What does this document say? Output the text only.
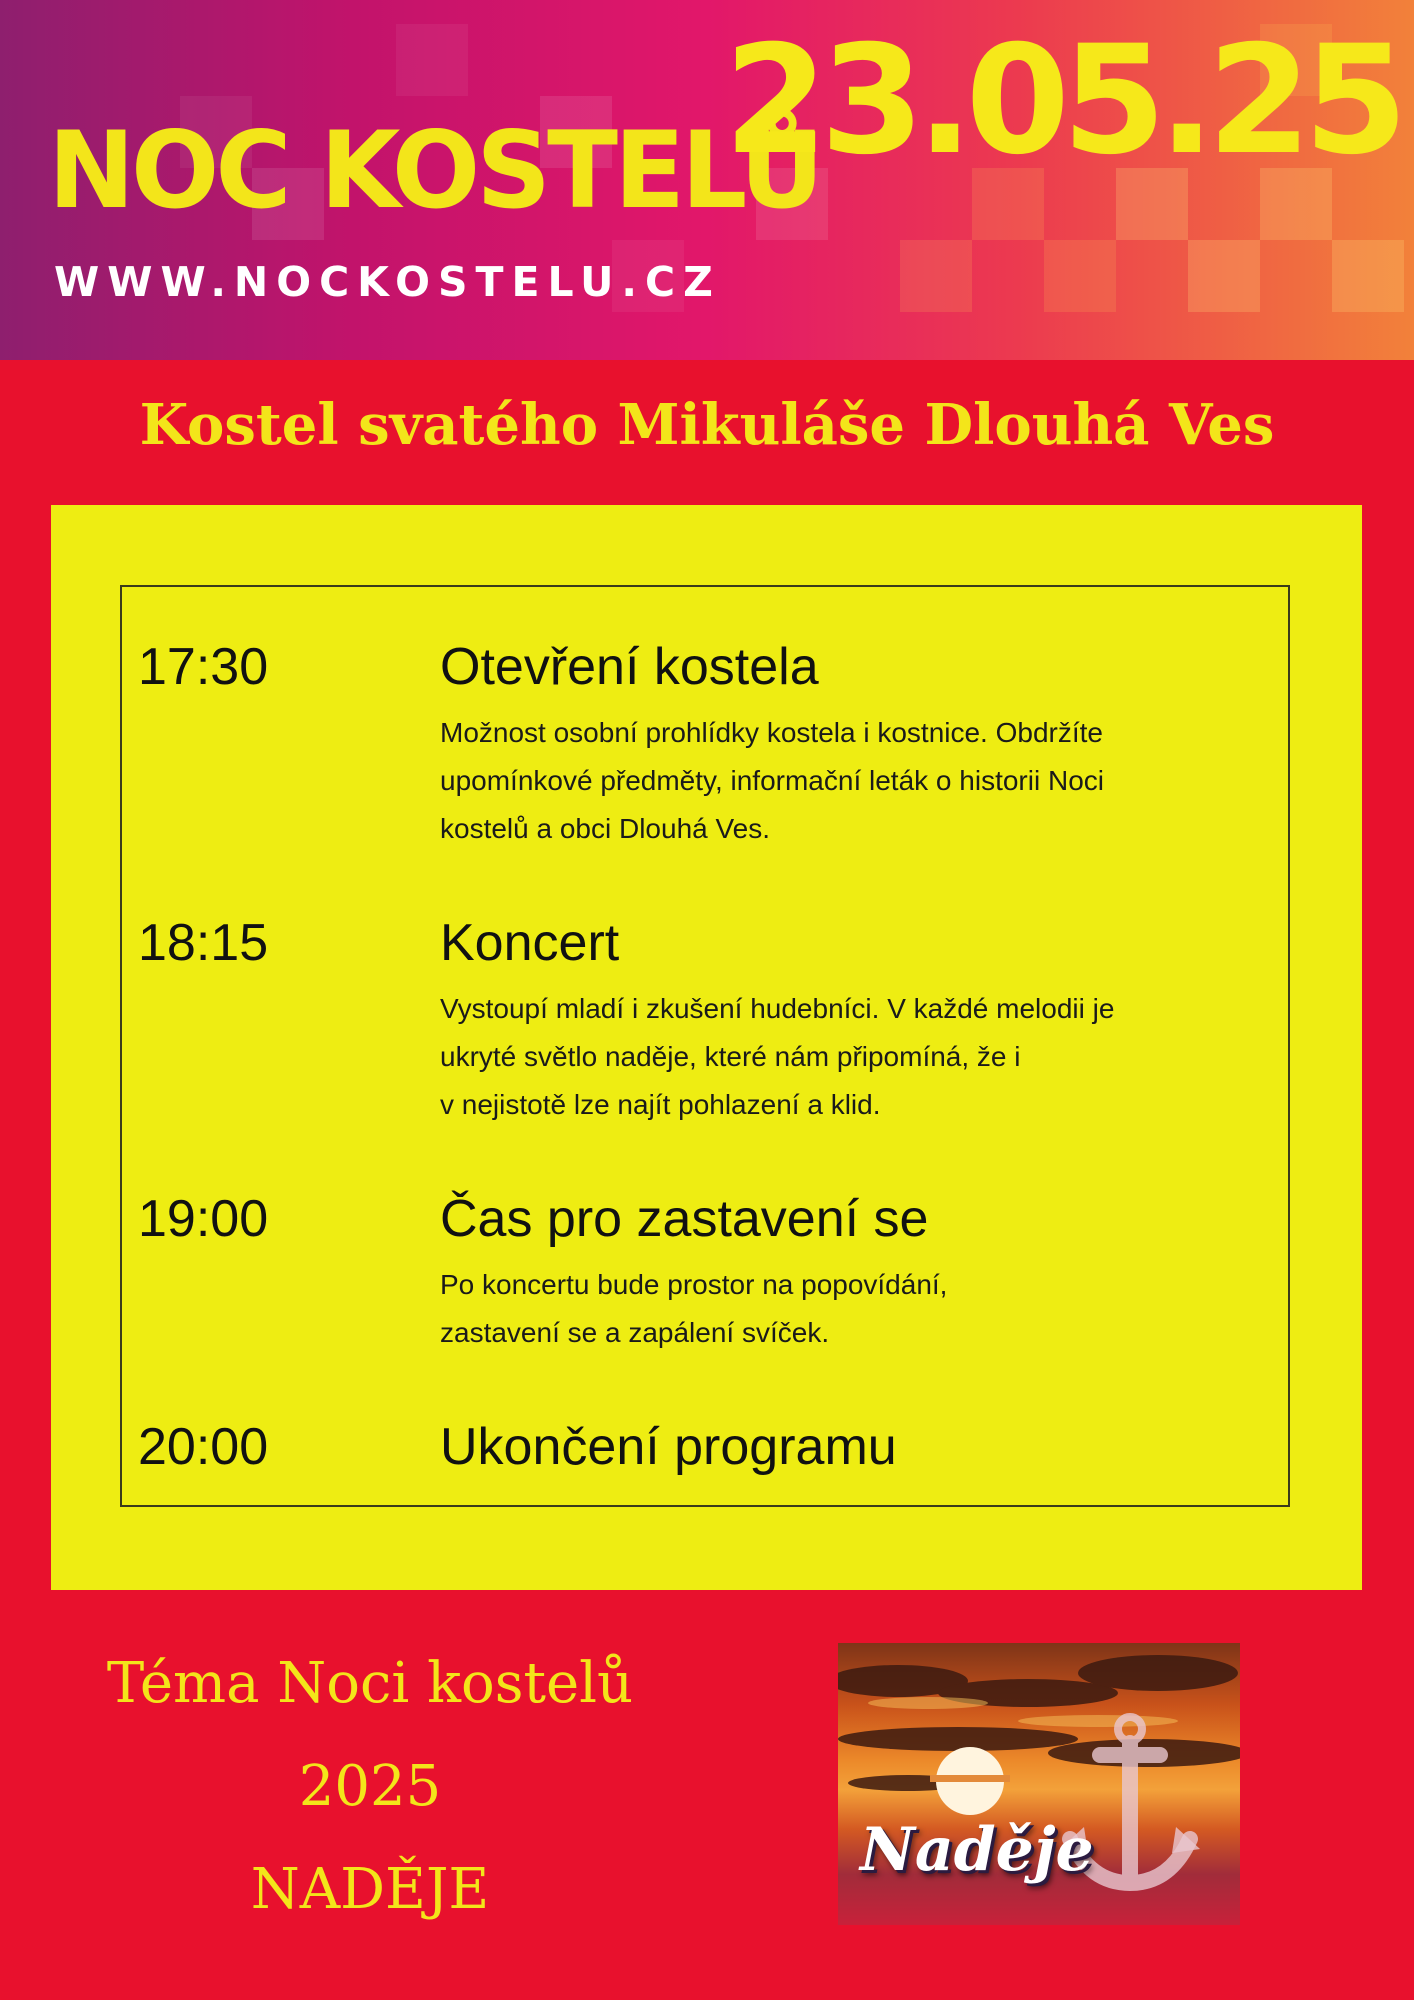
NOC KOSTELŮ
WWW.NOCKOSTELU.CZ
23.05.25
Kostel svatého Mikuláše Dlouhá Ves
17:30	Otevření kostela
Možnost osobní prohlídky kostela i kostnice. Obdržíte
upomínkové předměty, informační leták o historii Noci
kostelů a obci Dlouhá Ves.
18:15	Koncert
Vystoupí mladí i zkušení hudebníci. V každé melodii je
ukryté světlo naděje, které nám připomíná, že i
v nejistotě lze najít pohlazení a klid.
19:00	Čas pro zastavení se
Po koncertu bude prostor na popovídání,
zastavení se a zapálení svíček.
20:00	Ukončení programu
Téma Noci kostelů
2025
NADĚJE
Naděje
